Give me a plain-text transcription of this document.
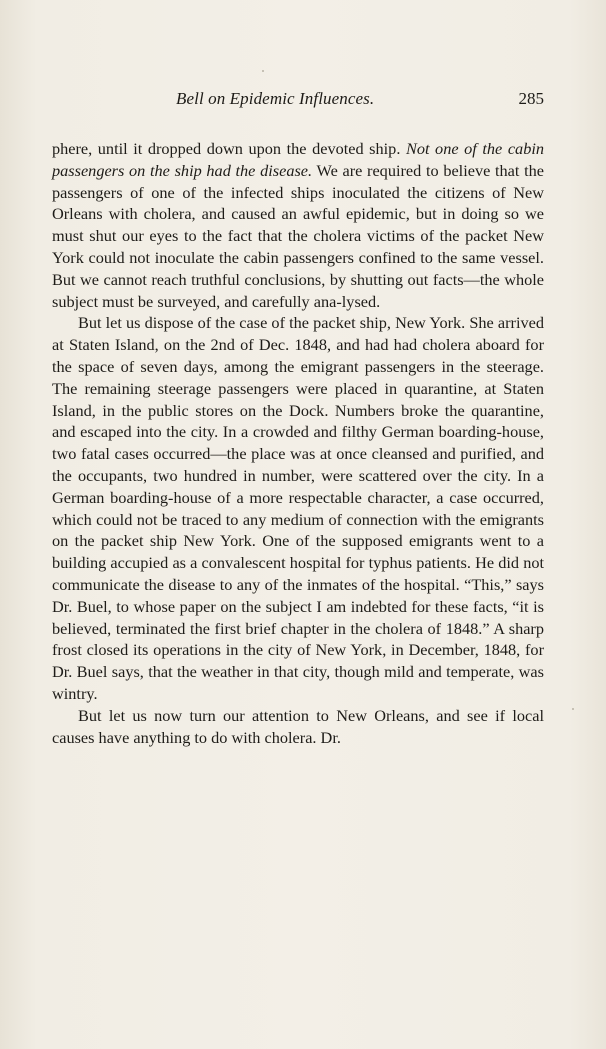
Bell on Epidemic Influences.	285

phere, until it dropped down upon the devoted ship. Not one of the cabin passengers on the ship had the disease. We are required to believe that the passengers of one of the infected ships inoculated the citizens of New Orleans with cholera, and caused an awful epidemic, but in doing so we must shut our eyes to the fact that the cholera victims of the packet New York could not inoculate the cabin passengers confined to the same vessel. But we cannot reach truthful conclusions, by shutting out facts—the whole subject must be surveyed, and carefully ana-lysed.

But let us dispose of the case of the packet ship, New York. She arrived at Staten Island, on the 2nd of Dec. 1848, and had had cholera aboard for the space of seven days, among the emigrant passengers in the steerage. The remaining steerage passengers were placed in quarantine, at Staten Island, in the public stores on the Dock. Numbers broke the quarantine, and escaped into the city. In a crowded and filthy German boarding-house, two fatal cases occurred—the place was at once cleansed and purified, and the occupants, two hundred in number, were scattered over the city. In a German boarding-house of a more respectable character, a case occurred, which could not be traced to any medium of connection with the emigrants on the packet ship New York. One of the supposed emigrants went to a building accupied as a convalescent hospital for typhus patients. He did not communicate the disease to any of the inmates of the hospital. “This,” says Dr. Buel, to whose paper on the subject I am indebted for these facts, “it is believed, terminated the first brief chapter in the cholera of 1848.” A sharp frost closed its operations in the city of New York, in December, 1848, for Dr. Buel says, that the weather in that city, though mild and temperate, was wintry.

But let us now turn our attention to New Orleans, and see if local causes have anything to do with cholera. Dr.
